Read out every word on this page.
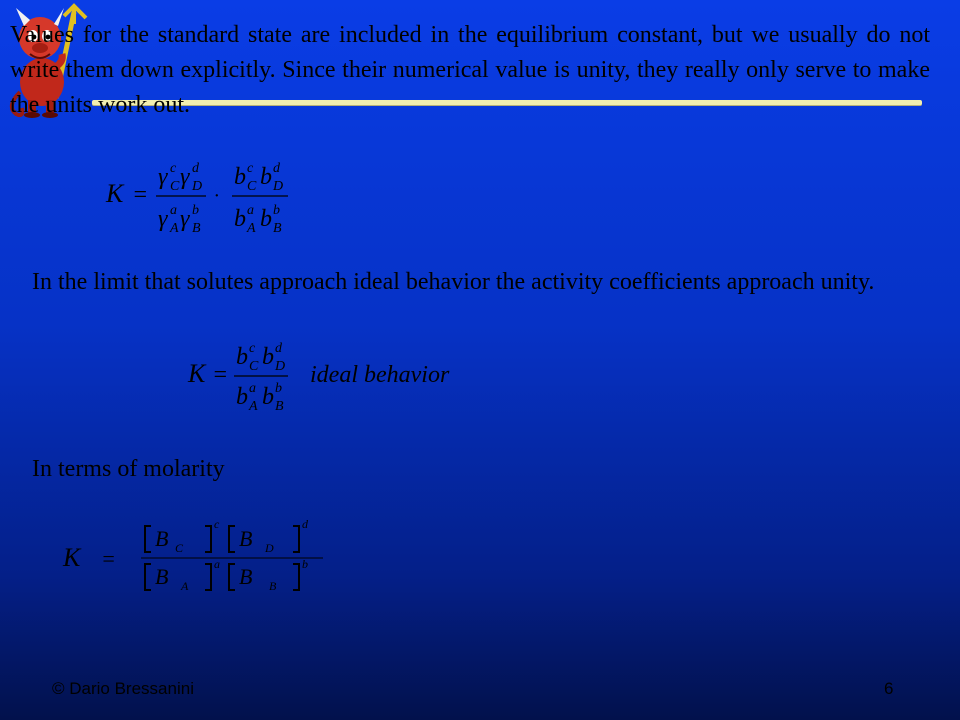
Values for the standard state are included in the equilibrium constant, but we usually do not write them down explicitly. Since their numerical value is unity, they really only serve to make the units work out.

K =
γ c
C γ d
D
γ a
A γ b
B
·
b c
C b d
D
b a
A b b
B

In the limit that solutes approach ideal behavior the activity coefficients approach unity.

K =
b c
C b d
D
b a
A b b
B
ideal behavior

In terms of molarity

K =
B C
c
B D
d
B A
a B B
b
© Dario Bressanini	6
